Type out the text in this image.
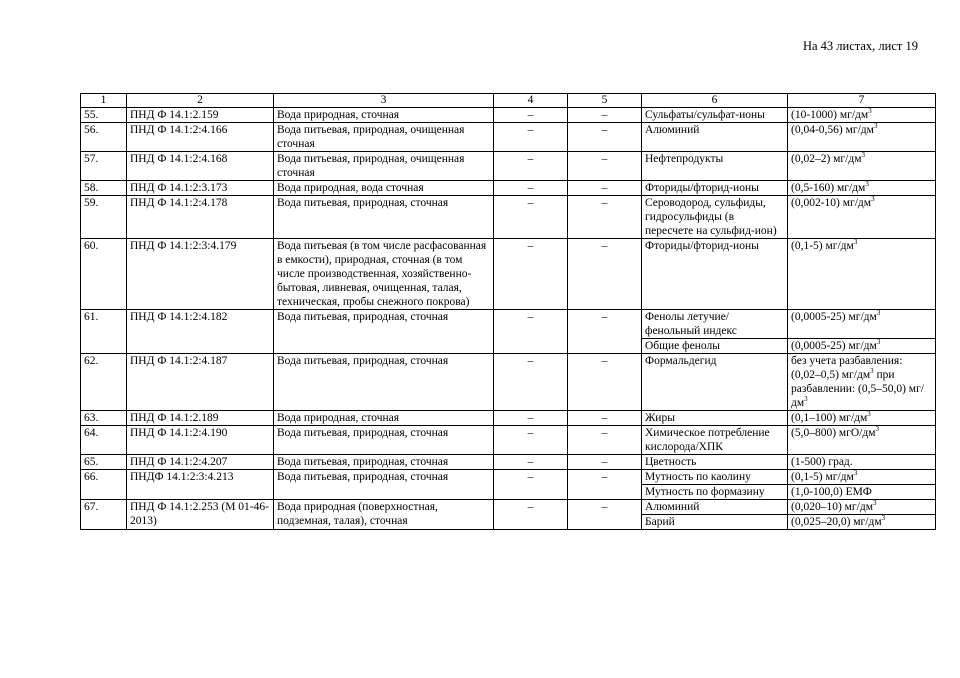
На 43 листах, лист 19
1	2	3	4	5	6	7
55.	ПНД Ф 14.1:2.159	Вода природная, сточная	–	–	Сульфаты/сульфат-ионы	(10-1000) $мг/дм^3$
56.	ПНД Ф 14.1:2:4.166	Вода питьевая, природная, очищенная сточная	–	–	Алюминий	(0,04-0,56) $мг/дм^3$
57.	ПНД Ф 14.1:2:4.168	Вода питьевая, природная, очищенная сточная	–	–	Нефтепродукты	(0,02–2) $мг/дм^3$
58.	ПНД Ф 14.1:2:3.173	Вода природная, вода сточная	–	–	Фториды/фторид-ионы	(0,5-160) $мг/дм^3$
59.	ПНД Ф 14.1:2:4.178	Вода питьевая, природная, сточная	–	–	Сероводород, сульфиды, гидросульфиды (в пересчете на сульфид-ион)	(0,002-10) $мг/дм^3$
60.	ПНД Ф 14.1:2:3:4.179	Вода питьевая (в том числе расфасованная в емкости), природная, сточная (в том числе производственная, хозяйственно-бытовая, ливневая, очищенная, талая, техническая, пробы снежного покрова)	–	–	Фториды/фторид-ионы	(0,1-5) $мг/дм^3$
61.	ПНД Ф 14.1:2:4.182	Вода питьевая, природная, сточная	–	–	Фенолы летучие/фенольный индекс	(0,0005-25) $мг/дм^3$
					Общие фенолы	(0,0005-25) $мг/дм^3$
62.	ПНД Ф 14.1:2:4.187	Вода питьевая, природная, сточная	–	–	Формальдегид	без учета разбавления: (0,02–0,5) $мг/дм^3$ при разбавлении: (0,5–50,0) $мг/дм^3$
63.	ПНД Ф 14.1:2.189	Вода природная, сточная	–	–	Жиры	(0,1–100) $мг/дм^3$
64.	ПНД Ф 14.1:2:4.190	Вода питьевая, природная, сточная	–	–	Химическое потребление кислорода/ХПК	(5,0–800) мгО/$дм^3$
65.	ПНД Ф 14.1:2:4.207	Вода питьевая, природная, сточная	–	–	Цветность	(1-500) град.
66.	ПНДФ 14.1:2:3:4.213	Вода питьевая, природная, сточная	–	–	Мутность по каолину	(0,1-5) $мг/дм^3$
					Мутность по формазину	(1,0-100,0) ЕМФ
67.	ПНД Ф 14.1:2.253 (М 01-46-2013)	Вода природная (поверхностная, подземная, талая), сточная	–	–	Алюминий	(0,020–10) $мг/дм^3$
					Барий	(0,025–20,0) $мг/дм^3$
